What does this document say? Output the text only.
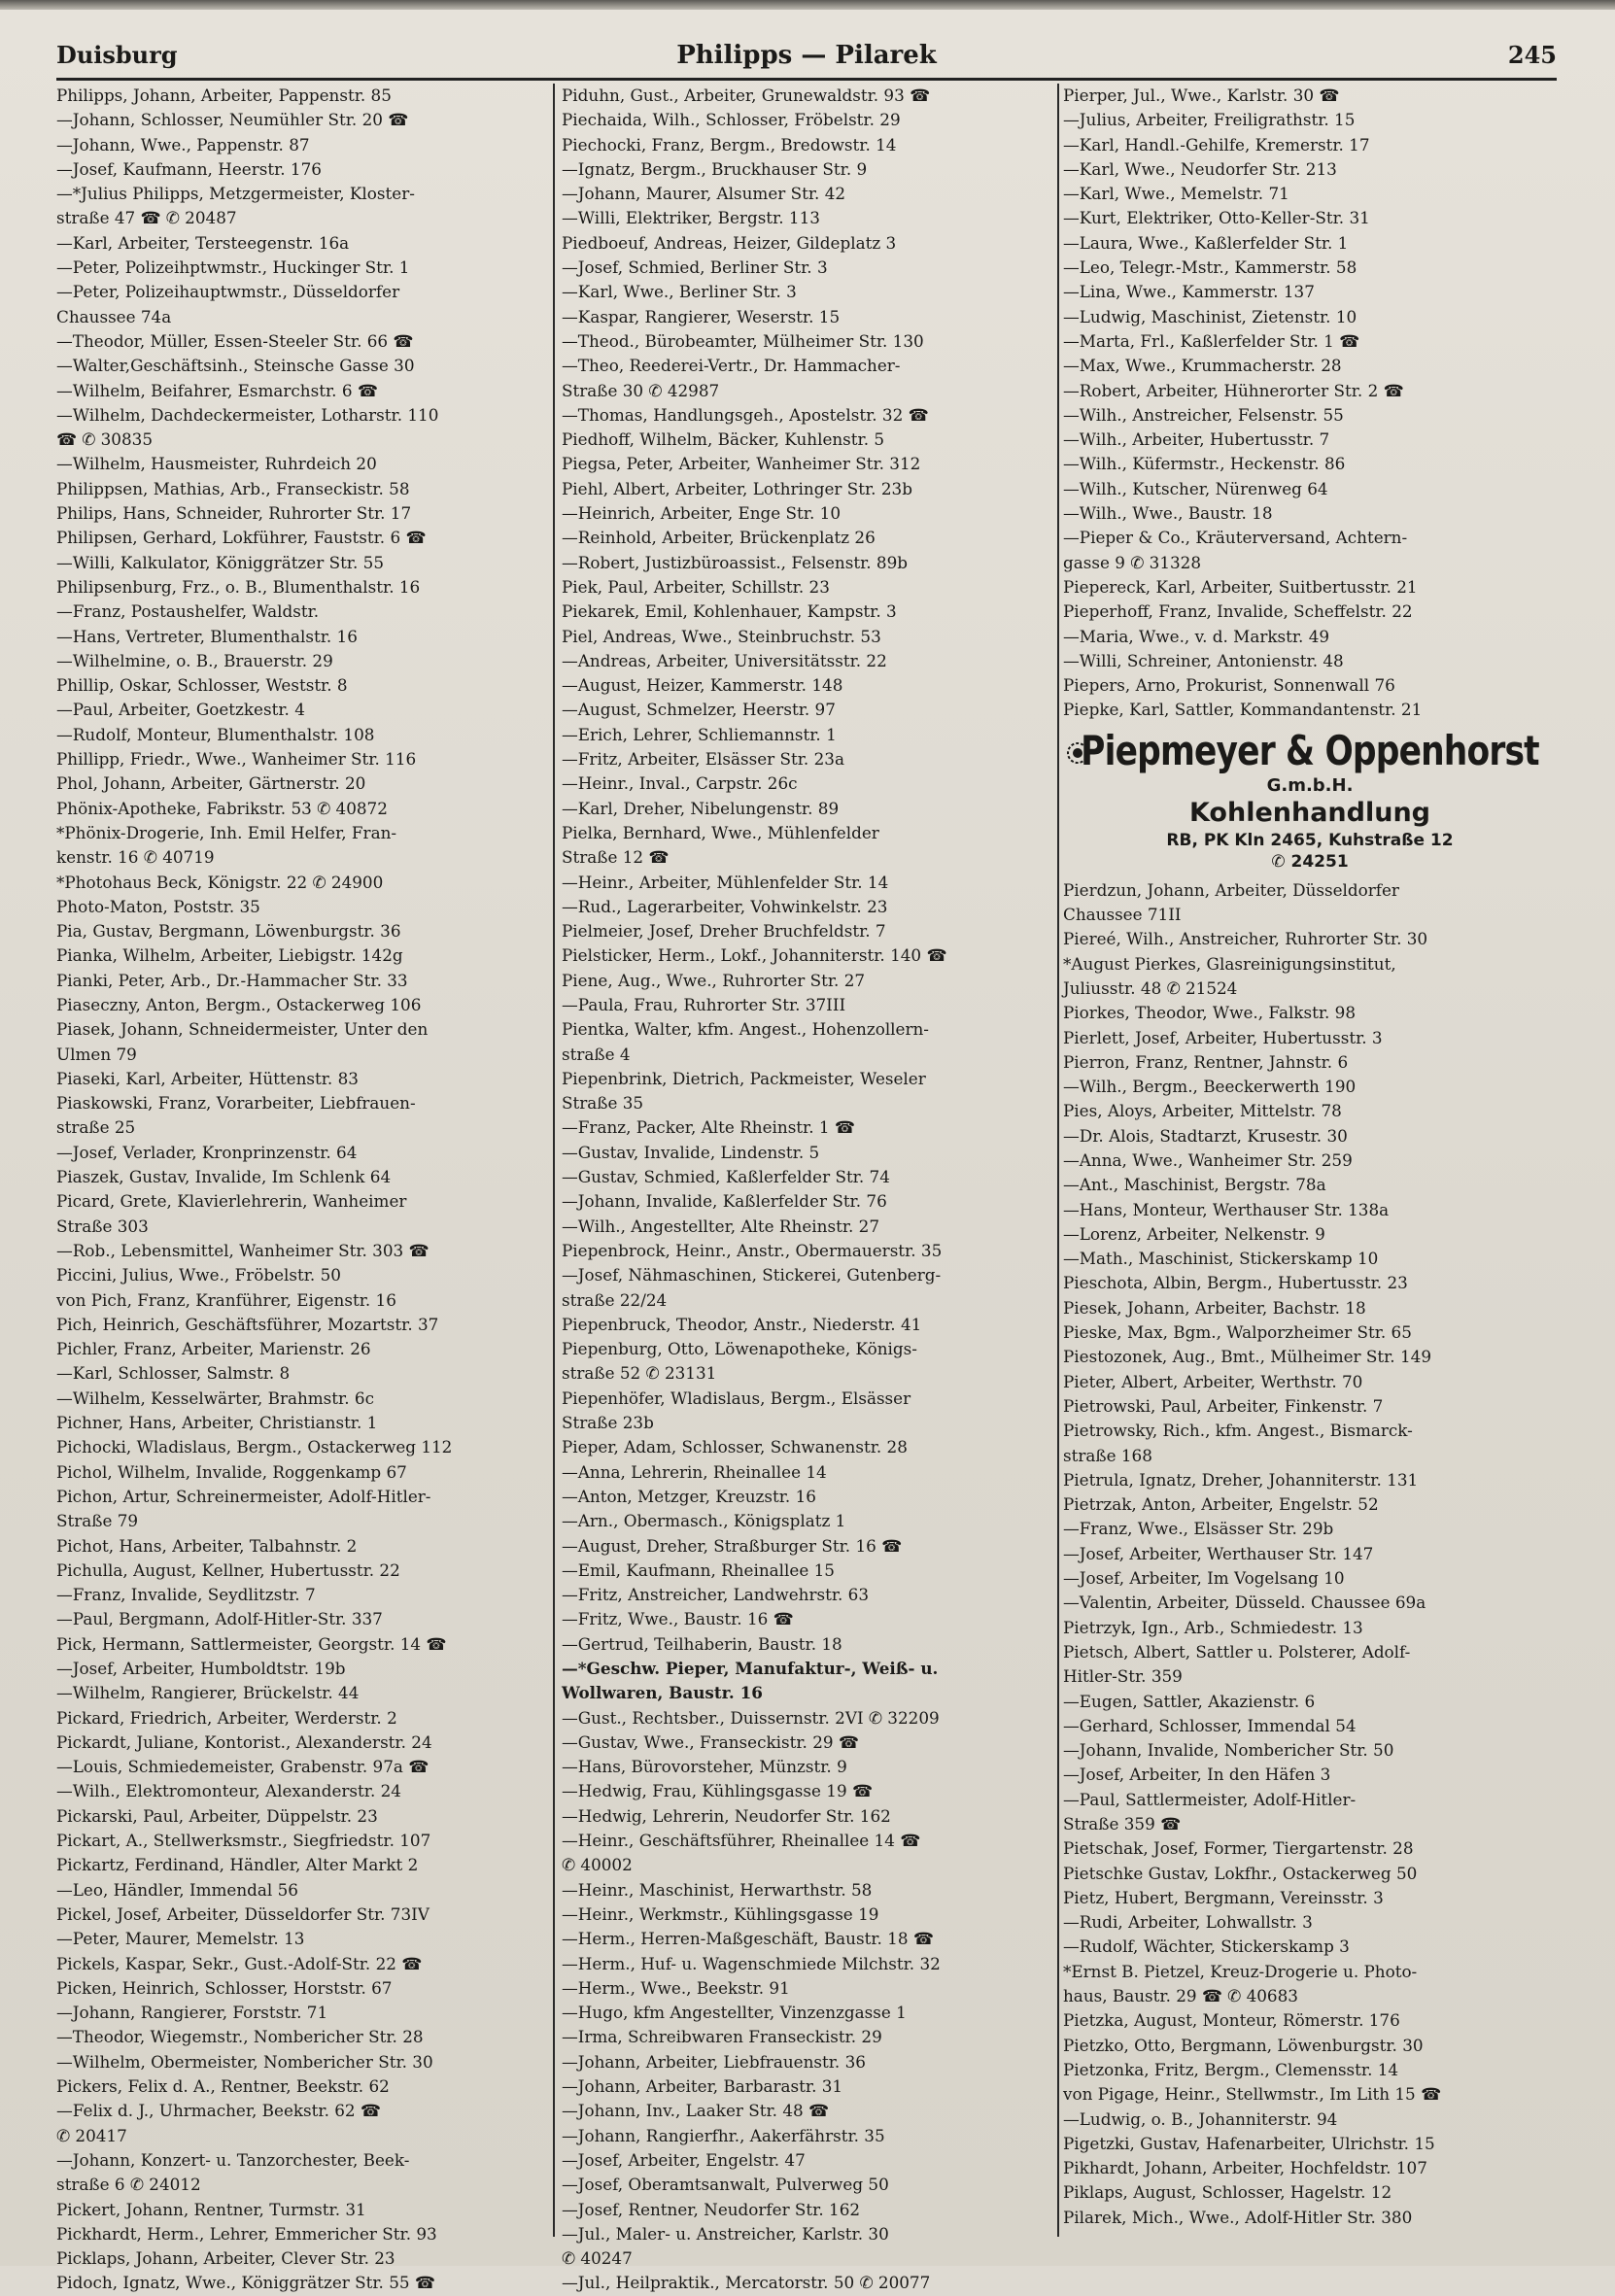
Philipps — Pilarek
Duisburg	245
Philipps, Johann, Arbeiter, Pappenstr. 85
—Johann, Schlosser, Neumühler Str. 20 ☎
—Johann, Wwe., Pappenstr. 87
—Josef, Kaufmann, Heerstr. 176
—*Julius Philipps, Metzgermeister, Kloster-
straße 47 ☎ ✆ 20487
—Karl, Arbeiter, Tersteegenstr. 16a
—Peter, Polizeihptwmstr., Huckinger Str. 1
—Peter, Polizeihauptwmstr., Düsseldorfer
Chaussee 74a
—Theodor, Müller, Essen-Steeler Str. 66 ☎
—Walter,Geschäftsinh., Steinsche Gasse 30
—Wilhelm, Beifahrer, Esmarchstr. 6 ☎
—Wilhelm, Dachdeckermeister, Lotharstr. 110
☎ ✆ 30835
—Wilhelm, Hausmeister, Ruhrdeich 20
Philippsen, Mathias, Arb., Franseckistr. 58
Philips, Hans, Schneider, Ruhrorter Str. 17
Philipsen, Gerhard, Lokführer, Fauststr. 6 ☎
—Willi, Kalkulator, Königgrätzer Str. 55
Philipsenburg, Frz., o. B., Blumenthalstr. 16
—Franz, Postaushelfer, Waldstr.
—Hans, Vertreter, Blumenthalstr. 16
—Wilhelmine, o. B., Brauerstr. 29
Phillip, Oskar, Schlosser, Weststr. 8
—Paul, Arbeiter, Goetzkestr. 4
—Rudolf, Monteur, Blumenthalstr. 108
Phillipp, Friedr., Wwe., Wanheimer Str. 116
Phol, Johann, Arbeiter, Gärtnerstr. 20
Phönix-Apotheke, Fabrikstr. 53 ✆ 40872
*Phönix-Drogerie, Inh. Emil Helfer, Fran-
kenstr. 16 ✆ 40719
*Photohaus Beck, Königstr. 22 ✆ 24900
Photo-Maton, Poststr. 35
Pia, Gustav, Bergmann, Löwenburgstr. 36
Pianka, Wilhelm, Arbeiter, Liebigstr. 142g
Pianki, Peter, Arb., Dr.-Hammacher Str. 33
Piaseczny, Anton, Bergm., Ostackerweg 106
Piasek, Johann, Schneidermeister, Unter den
Ulmen 79
Piaseki, Karl, Arbeiter, Hüttenstr. 83
Piaskowski, Franz, Vorarbeiter, Liebfrauen-
straße 25
—Josef, Verlader, Kronprinzenstr. 64
Piaszek, Gustav, Invalide, Im Schlenk 64
Picard, Grete, Klavierlehrerin, Wanheimer
Straße 303
—Rob., Lebensmittel, Wanheimer Str. 303 ☎
Piccini, Julius, Wwe., Fröbelstr. 50
von Pich, Franz, Kranführer, Eigenstr. 16
Pich, Heinrich, Geschäftsführer, Mozartstr. 37
Pichler, Franz, Arbeiter, Marienstr. 26
—Karl, Schlosser, Salmstr. 8
—Wilhelm, Kesselwärter, Brahmstr. 6c
Pichner, Hans, Arbeiter, Christianstr. 1
Pichocki, Wladislaus, Bergm., Ostackerweg 112
Pichol, Wilhelm, Invalide, Roggenkamp 67
Pichon, Artur, Schreinermeister, Adolf-Hitler-
Straße 79
Pichot, Hans, Arbeiter, Talbahnstr. 2
Pichulla, August, Kellner, Hubertusstr. 22
—Franz, Invalide, Seydlitzstr. 7
—Paul, Bergmann, Adolf-Hitler-Str. 337
Pick, Hermann, Sattlermeister, Georgstr. 14 ☎
—Josef, Arbeiter, Humboldtstr. 19b
—Wilhelm, Rangierer, Brückelstr. 44
Pickard, Friedrich, Arbeiter, Werderstr. 2
Pickardt, Juliane, Kontorist., Alexanderstr. 24
—Louis, Schmiedemeister, Grabenstr. 97a ☎
—Wilh., Elektromonteur, Alexanderstr. 24
Pickarski, Paul, Arbeiter, Düppelstr. 23
Pickart, A., Stellwerksmstr., Siegfriedstr. 107
Pickartz, Ferdinand, Händler, Alter Markt 2
—Leo, Händler, Immendal 56
Pickel, Josef, Arbeiter, Düsseldorfer Str. 73IV
—Peter, Maurer, Memelstr. 13
Pickels, Kaspar, Sekr., Gust.-Adolf-Str. 22 ☎
Picken, Heinrich, Schlosser, Horststr. 67
—Johann, Rangierer, Forststr. 71
—Theodor, Wiegemstr., Nombericher Str. 28
—Wilhelm, Obermeister, Nombericher Str. 30
Pickers, Felix d. A., Rentner, Beekstr. 62
—Felix d. J., Uhrmacher, Beekstr. 62 ☎
✆ 20417
—Johann, Konzert- u. Tanzorchester, Beek-
straße 6 ✆ 24012
Pickert, Johann, Rentner, Turmstr. 31
Pickhardt, Herm., Lehrer, Emmericher Str. 93
Picklaps, Johann, Arbeiter, Clever Str. 23
Pidoch, Ignatz, Wwe., Königgrätzer Str. 55 ☎
Piduhn, Gust., Arbeiter, Grunewaldstr. 93 ☎
Piechaida, Wilh., Schlosser, Fröbelstr. 29
Piechocki, Franz, Bergm., Bredowstr. 14
—Ignatz, Bergm., Bruckhauser Str. 9
—Johann, Maurer, Alsumer Str. 42
—Willi, Elektriker, Bergstr. 113
Piedboeuf, Andreas, Heizer, Gildeplatz 3
—Josef, Schmied, Berliner Str. 3
—Karl, Wwe., Berliner Str. 3
—Kaspar, Rangierer, Weserstr. 15
—Theod., Bürobeamter, Mülheimer Str. 130
—Theo, Reederei-Vertr., Dr. Hammacher-
Straße 30 ✆ 42987
—Thomas, Handlungsgeh., Apostelstr. 32 ☎
Piedhoff, Wilhelm, Bäcker, Kuhlenstr. 5
Piegsa, Peter, Arbeiter, Wanheimer Str. 312
Piehl, Albert, Arbeiter, Lothringer Str. 23b
—Heinrich, Arbeiter, Enge Str. 10
—Reinhold, Arbeiter, Brückenplatz 26
—Robert, Justizbüroassist., Felsenstr. 89b
Piek, Paul, Arbeiter, Schillstr. 23
Piekarek, Emil, Kohlenhauer, Kampstr. 3
Piel, Andreas, Wwe., Steinbruchstr. 53
—Andreas, Arbeiter, Universitätsstr. 22
—August, Heizer, Kammerstr. 148
—August, Schmelzer, Heerstr. 97
—Erich, Lehrer, Schliemannstr. 1
—Fritz, Arbeiter, Elsässer Str. 23a
—Heinr., Inval., Carpstr. 26c
—Karl, Dreher, Nibelungenstr. 89
Pielka, Bernhard, Wwe., Mühlenfelder
Straße 12 ☎
—Heinr., Arbeiter, Mühlenfelder Str. 14
—Rud., Lagerarbeiter, Vohwinkelstr. 23
Pielmeier, Josef, Dreher Bruchfeldstr. 7
Pielsticker, Herm., Lokf., Johanniterstr. 140 ☎
Piene, Aug., Wwe., Ruhrorter Str. 27
—Paula, Frau, Ruhrorter Str. 37III
Pientka, Walter, kfm. Angest., Hohenzollern-
straße 4
Piepenbrink, Dietrich, Packmeister, Weseler
Straße 35
—Franz, Packer, Alte Rheinstr. 1 ☎
—Gustav, Invalide, Lindenstr. 5
—Gustav, Schmied, Kaßlerfelder Str. 74
—Johann, Invalide, Kaßlerfelder Str. 76
—Wilh., Angestellter, Alte Rheinstr. 27
Piepenbrock, Heinr., Anstr., Obermauerstr. 35
—Josef, Nähmaschinen, Stickerei, Gutenberg-
straße 22/24
Piepenbruck, Theodor, Anstr., Niederstr. 41
Piepenburg, Otto, Löwenapotheke, Königs-
straße 52 ✆ 23131
Piepenhöfer, Wladislaus, Bergm., Elsässer
Straße 23b
Pieper, Adam, Schlosser, Schwanenstr. 28
—Anna, Lehrerin, Rheinallee 14
—Anton, Metzger, Kreuzstr. 16
—Arn., Obermasch., Königsplatz 1
—August, Dreher, Straßburger Str. 16 ☎
—Emil, Kaufmann, Rheinallee 15
—Fritz, Anstreicher, Landwehrstr. 63
—Fritz, Wwe., Baustr. 16 ☎
—Gertrud, Teilhaberin, Baustr. 18
—*Geschw. Pieper, Manufaktur-, Weiß- u.
Wollwaren, Baustr. 16
—Gust., Rechtsber., Duissernstr. 2VI ✆ 32209
—Gustav, Wwe., Franseckistr. 29 ☎
—Hans, Bürovorsteher, Münzstr. 9
—Hedwig, Frau, Kühlingsgasse 19 ☎
—Hedwig, Lehrerin, Neudorfer Str. 162
—Heinr., Geschäftsführer, Rheinallee 14 ☎
✆ 40002
—Heinr., Maschinist, Herwarthstr. 58
—Heinr., Werkmstr., Kühlingsgasse 19
—Herm., Herren-Maßgeschäft, Baustr. 18 ☎
—Herm., Huf- u. Wagenschmiede Milchstr. 32
—Herm., Wwe., Beekstr. 91
—Hugo, kfm Angestellter, Vinzenzgasse 1
—Irma, Schreibwaren Franseckistr. 29
—Johann, Arbeiter, Liebfrauenstr. 36
—Johann, Arbeiter, Barbarastr. 31
—Johann, Inv., Laaker Str. 48 ☎
—Johann, Rangierfhr., Aakerfährstr. 35
—Josef, Arbeiter, Engelstr. 47
—Josef, Oberamtsanwalt, Pulverweg 50
—Josef, Rentner, Neudorfer Str. 162
—Jul., Maler- u. Anstreicher, Karlstr. 30
✆ 40247
—Jul., Heilpraktik., Mercatorstr. 50 ✆ 20077
Pierper, Jul., Wwe., Karlstr. 30 ☎
—Julius, Arbeiter, Freiligrathstr. 15
—Karl, Handl.-Gehilfe, Kremerstr. 17
—Karl, Wwe., Neudorfer Str. 213
—Karl, Wwe., Memelstr. 71
—Kurt, Elektriker, Otto-Keller-Str. 31
—Laura, Wwe., Kaßlerfelder Str. 1
—Leo, Telegr.-Mstr., Kammerstr. 58
—Lina, Wwe., Kammerstr. 137
—Ludwig, Maschinist, Zietenstr. 10
—Marta, Frl., Kaßlerfelder Str. 1 ☎
—Max, Wwe., Krummacherstr. 28
—Robert, Arbeiter, Hühnerorter Str. 2 ☎
—Wilh., Anstreicher, Felsenstr. 55
—Wilh., Arbeiter, Hubertusstr. 7
—Wilh., Küfermstr., Heckenstr. 86
—Wilh., Kutscher, Nürenweg 64
—Wilh., Wwe., Baustr. 18
—Pieper & Co., Kräuterversand, Achtern-
gasse 9 ✆ 31328
Piepereck, Karl, Arbeiter, Suitbertusstr. 21
Pieperhoff, Franz, Invalide, Scheffelstr. 22
—Maria, Wwe., v. d. Markstr. 49
—Willi, Schreiner, Antonienstr. 48
Piepers, Arno, Prokurist, Sonnenwall 76
Piepke, Karl, Sattler, Kommandantenstr. 21
Piepmeyer & Oppenhorst
G.m.b.H.
Kohlenhandlung
RB, PK Kln 2465, Kuhstraße 12
✆ 24251
Pierdzun, Johann, Arbeiter, Düsseldorfer
Chaussee 71II
Piereé, Wilh., Anstreicher, Ruhrorter Str. 30
*August Pierkes, Glasreinigungsinstitut,
Juliusstr. 48 ✆ 21524
Piorkes, Theodor, Wwe., Falkstr. 98
Pierlett, Josef, Arbeiter, Hubertusstr. 3
Pierron, Franz, Rentner, Jahnstr. 6
—Wilh., Bergm., Beeckerwerth 190
Pies, Aloys, Arbeiter, Mittelstr. 78
—Dr. Alois, Stadtarzt, Krusestr. 30
—Anna, Wwe., Wanheimer Str. 259
—Ant., Maschinist, Bergstr. 78a
—Hans, Monteur, Werthauser Str. 138a
—Lorenz, Arbeiter, Nelkenstr. 9
—Math., Maschinist, Stickerskamp 10
Pieschota, Albin, Bergm., Hubertusstr. 23
Piesek, Johann, Arbeiter, Bachstr. 18
Pieske, Max, Bgm., Walporzheimer Str. 65
Piestozonek, Aug., Bmt., Mülheimer Str. 149
Pieter, Albert, Arbeiter, Werthstr. 70
Pietrowski, Paul, Arbeiter, Finkenstr. 7
Pietrowsky, Rich., kfm. Angest., Bismarck-
straße 168
Pietrula, Ignatz, Dreher, Johanniterstr. 131
Pietrzak, Anton, Arbeiter, Engelstr. 52
—Franz, Wwe., Elsässer Str. 29b
—Josef, Arbeiter, Werthauser Str. 147
—Josef, Arbeiter, Im Vogelsang 10
—Valentin, Arbeiter, Düsseld. Chaussee 69a
Pietrzyk, Ign., Arb., Schmiedestr. 13
Pietsch, Albert, Sattler u. Polsterer, Adolf-
Hitler-Str. 359
—Eugen, Sattler, Akazienstr. 6
—Gerhard, Schlosser, Immendal 54
—Johann, Invalide, Nombericher Str. 50
—Josef, Arbeiter, In den Häfen 3
—Paul, Sattlermeister, Adolf-Hitler-
Straße 359 ☎
Pietschak, Josef, Former, Tiergartenstr. 28
Pietschke Gustav, Lokfhr., Ostackerweg 50
Pietz, Hubert, Bergmann, Vereinsstr. 3
—Rudi, Arbeiter, Lohwallstr. 3
—Rudolf, Wächter, Stickerskamp 3
*Ernst B. Pietzel, Kreuz-Drogerie u. Photo-
haus, Baustr. 29 ☎ ✆ 40683
Pietzka, August, Monteur, Römerstr. 176
Pietzko, Otto, Bergmann, Löwenburgstr. 30
Pietzonka, Fritz, Bergm., Clemensstr. 14
von Pigage, Heinr., Stellwmstr., Im Lith 15 ☎
—Ludwig, o. B., Johanniterstr. 94
Pigetzki, Gustav, Hafenarbeiter, Ulrichstr. 15
Pikhardt, Johann, Arbeiter, Hochfeldstr. 107
Piklaps, August, Schlosser, Hagelstr. 12
Pilarek, Mich., Wwe., Adolf-Hitler Str. 380
